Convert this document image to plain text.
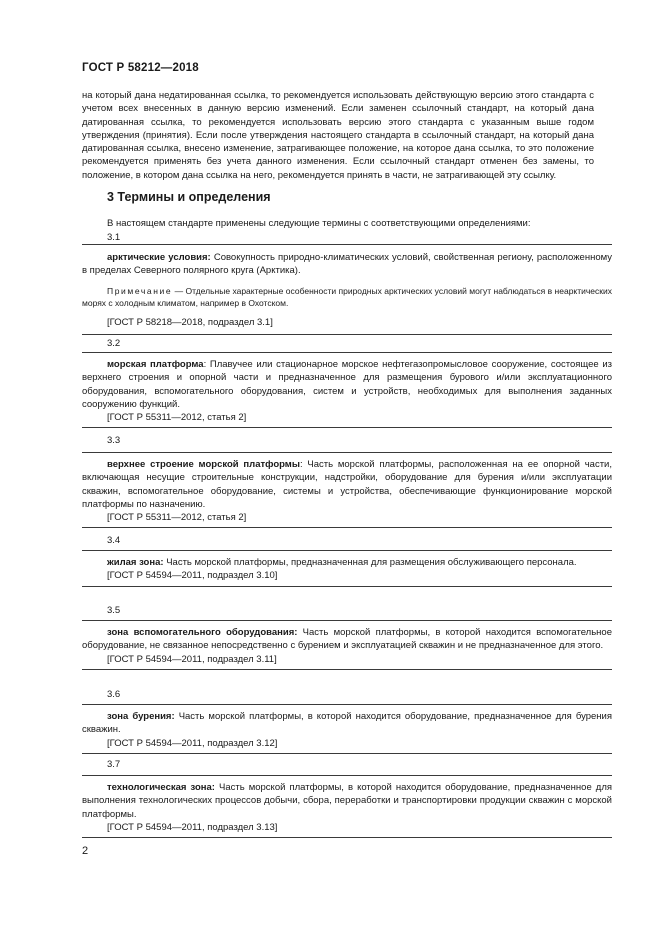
ГОСТ Р 58212—2018
на который дана недатированная ссылка, то рекомендуется использовать действующую версию этого стандарта с учетом всех внесенных в данную версию изменений. Если заменен ссылочный стандарт, на который дана датированная ссылка, то рекомендуется использовать версию этого стандарта с указанным выше годом утверждения (принятия). Если после утверждения настоящего стандарта в ссылочный стандарт, на который дана датированная ссылка, внесено изменение, затрагивающее положение, на которое дана ссылка, то это положение рекомендуется применять без учета данного изменения. Если ссылочный стандарт отменен без замены, то положение, в котором дана ссылка на него, рекомендуется принять в части, не затрагивающей эту ссылку.
3 Термины и определения
В настоящем стандарте применены следующие термины с соответствующими определениями:
3.1

арктические условия: Совокупность природно-климатических условий, свойственная региону, расположенному в пределах Северного полярного круга (Арктика).

Примечание — Отдельные характерные особенности природных арктических условий могут наблюдаться в неарктических морях с холодным климатом, например в Охотском.

[ГОСТ Р 58218—2018, подраздел 3.1]

3.2

морская платформа: Плавучее или стационарное морское нефтегазопромысловое сооружение, состоящее из верхнего строения и опорной части и предназначенное для размещения бурового и/или эксплуатационного оборудования, вспомогательного оборудования, систем и устройств, необходимых для выполнения заданных сооружению функций.

[ГОСТ Р 55311—2012, статья 2]

3.3

верхнее строение морской платформы: Часть морской платформы, расположенная на ее опорной части, включающая несущие строительные конструкции, надстройки, оборудование для бурения и/или эксплуатации скважин, вспомогательное оборудование, системы и устройства, обеспечивающие функционирование морской платформы по назначению.

[ГОСТ Р 55311—2012, статья 2]

3.4

жилая зона: Часть морской платформы, предназначенная для размещения обслуживающего персонала.

[ГОСТ Р 54594—2011, подраздел 3.10]

3.5

зона вспомогательного оборудования: Часть морской платформы, в которой находится вспомогательное оборудование, не связанное непосредственно с бурением и эксплуатацией скважин и не предназначенное для этого.

[ГОСТ Р 54594—2011, подраздел 3.11]

3.6

зона бурения: Часть морской платформы, в которой находится оборудование, предназначенное для бурения скважин.

[ГОСТ Р 54594—2011, подраздел 3.12]

3.7

технологическая зона: Часть морской платформы, в которой находится оборудование, предназначенное для выполнения технологических процессов добычи, сбора, переработки и транспортировки продукции скважин с морской платформы.

[ГОСТ Р 54594—2011, подраздел 3.13]

2
